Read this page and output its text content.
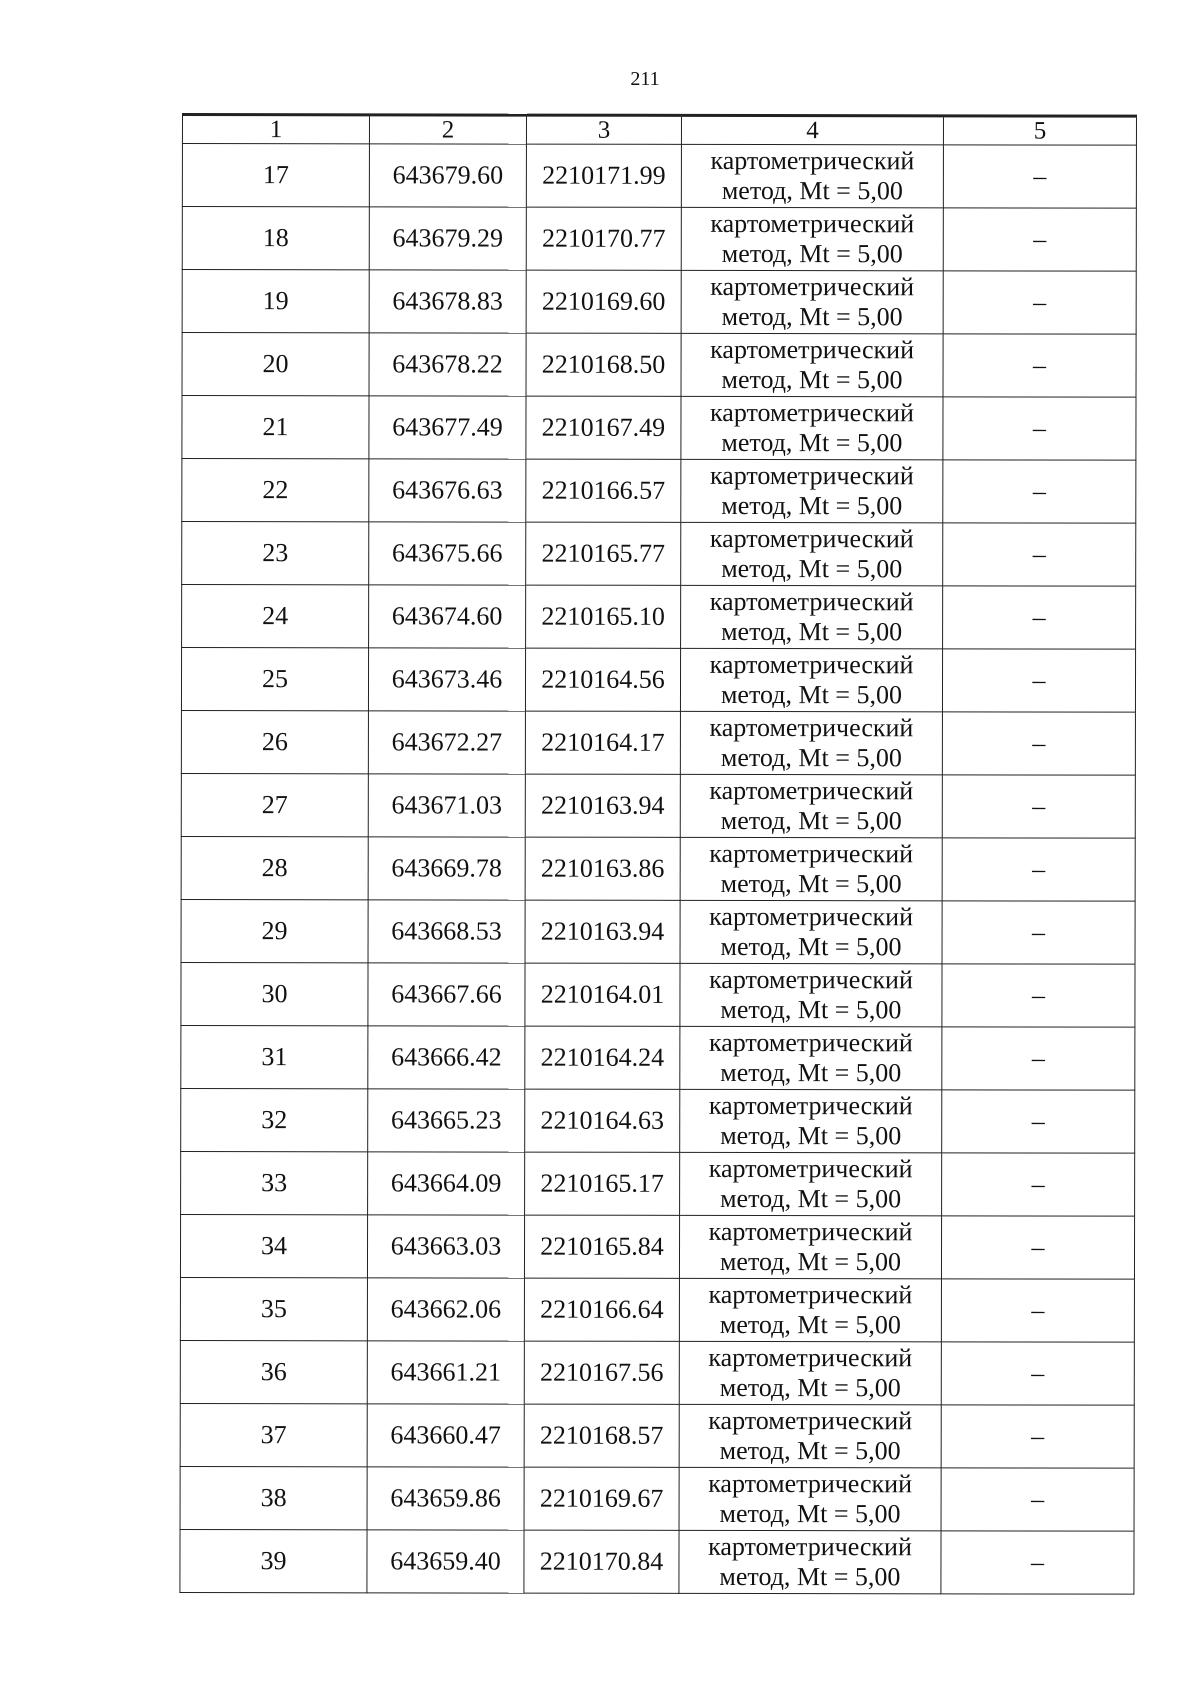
211
1	2	3	4	5
17	643679.60	2210171.99	картометрический
метод, Mt = 5,00	–
18	643679.29	2210170.77	картометрический
метод, Mt = 5,00	–
19	643678.83	2210169.60	картометрический
метод, Mt = 5,00	–
20	643678.22	2210168.50	картометрический
метод, Mt = 5,00	–
21	643677.49	2210167.49	картометрический
метод, Mt = 5,00	–
22	643676.63	2210166.57	картометрический
метод, Mt = 5,00	–
23	643675.66	2210165.77	картометрический
метод, Mt = 5,00	–
24	643674.60	2210165.10	картометрический
метод, Mt = 5,00	–
25	643673.46	2210164.56	картометрический
метод, Mt = 5,00	–
26	643672.27	2210164.17	картометрический
метод, Mt = 5,00	–
27	643671.03	2210163.94	картометрический
метод, Mt = 5,00	–
28	643669.78	2210163.86	картометрический
метод, Mt = 5,00	–
29	643668.53	2210163.94	картометрический
метод, Mt = 5,00	–
30	643667.66	2210164.01	картометрический
метод, Mt = 5,00	–
31	643666.42	2210164.24	картометрический
метод, Mt = 5,00	–
32	643665.23	2210164.63	картометрический
метод, Mt = 5,00	–
33	643664.09	2210165.17	картометрический
метод, Mt = 5,00	–
34	643663.03	2210165.84	картометрический
метод, Mt = 5,00	–
35	643662.06	2210166.64	картометрический
метод, Mt = 5,00	–
36	643661.21	2210167.56	картометрический
метод, Mt = 5,00	–
37	643660.47	2210168.57	картометрический
метод, Mt = 5,00	–
38	643659.86	2210169.67	картометрический
метод, Mt = 5,00	–
39	643659.40	2210170.84	картометрический
метод, Mt = 5,00	–
